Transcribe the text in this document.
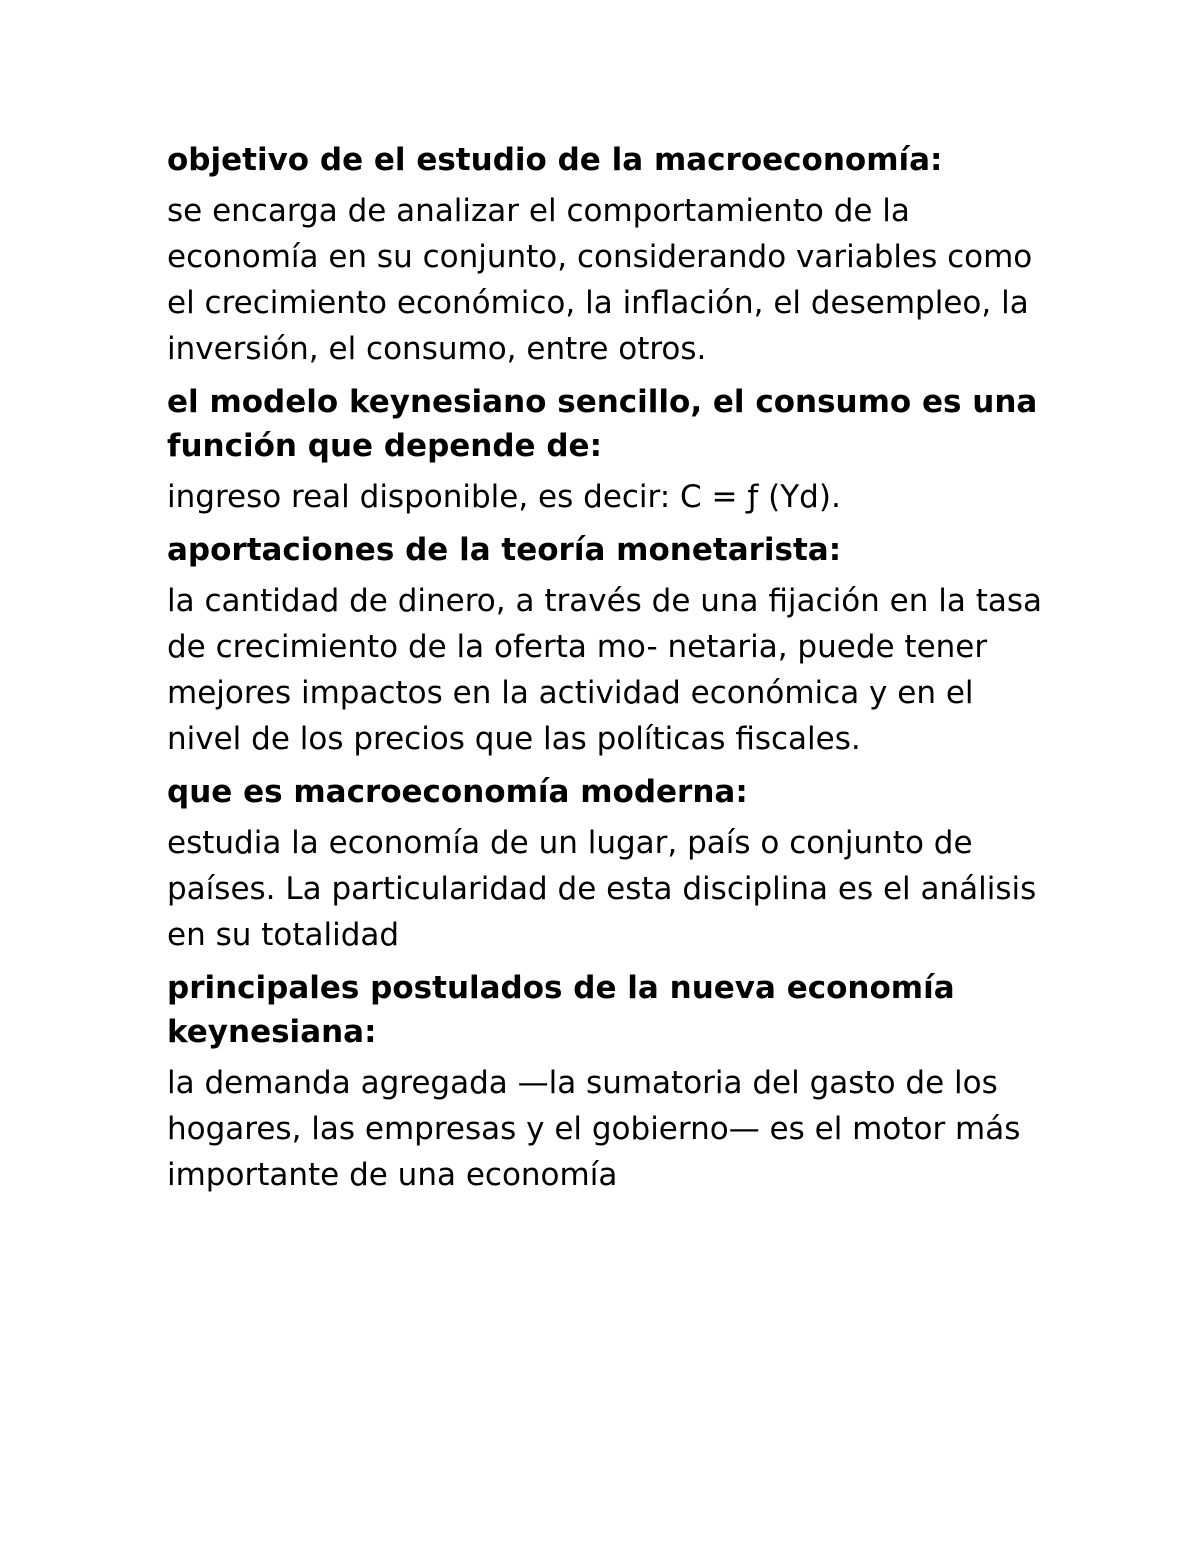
objetivo de el estudio de la macroeconomía:

se encarga de analizar el comportamiento de la economía en su conjunto, considerando variables como el crecimiento económico, la inflación, el desempleo, la inversión, el consumo, entre otros.

el modelo keynesiano sencillo, el consumo es una función que depende de:

ingreso real disponible, es decir: C = ƒ (Yd).

aportaciones de la teoría monetarista:

la cantidad de dinero, a través de una fijación en la tasa de crecimiento de la oferta mo- netaria, puede tener mejores impactos en la actividad económica y en el nivel de los precios que las políticas fiscales.

que es macroeconomía moderna:

estudia la economía de un lugar, país o conjunto de países. La particularidad de esta disciplina es el análisis en su totalidad

principales postulados de la nueva economía keynesiana:

la demanda agregada —la sumatoria del gasto de los hogares, las empresas y el gobierno— es el motor más importante de una economía
